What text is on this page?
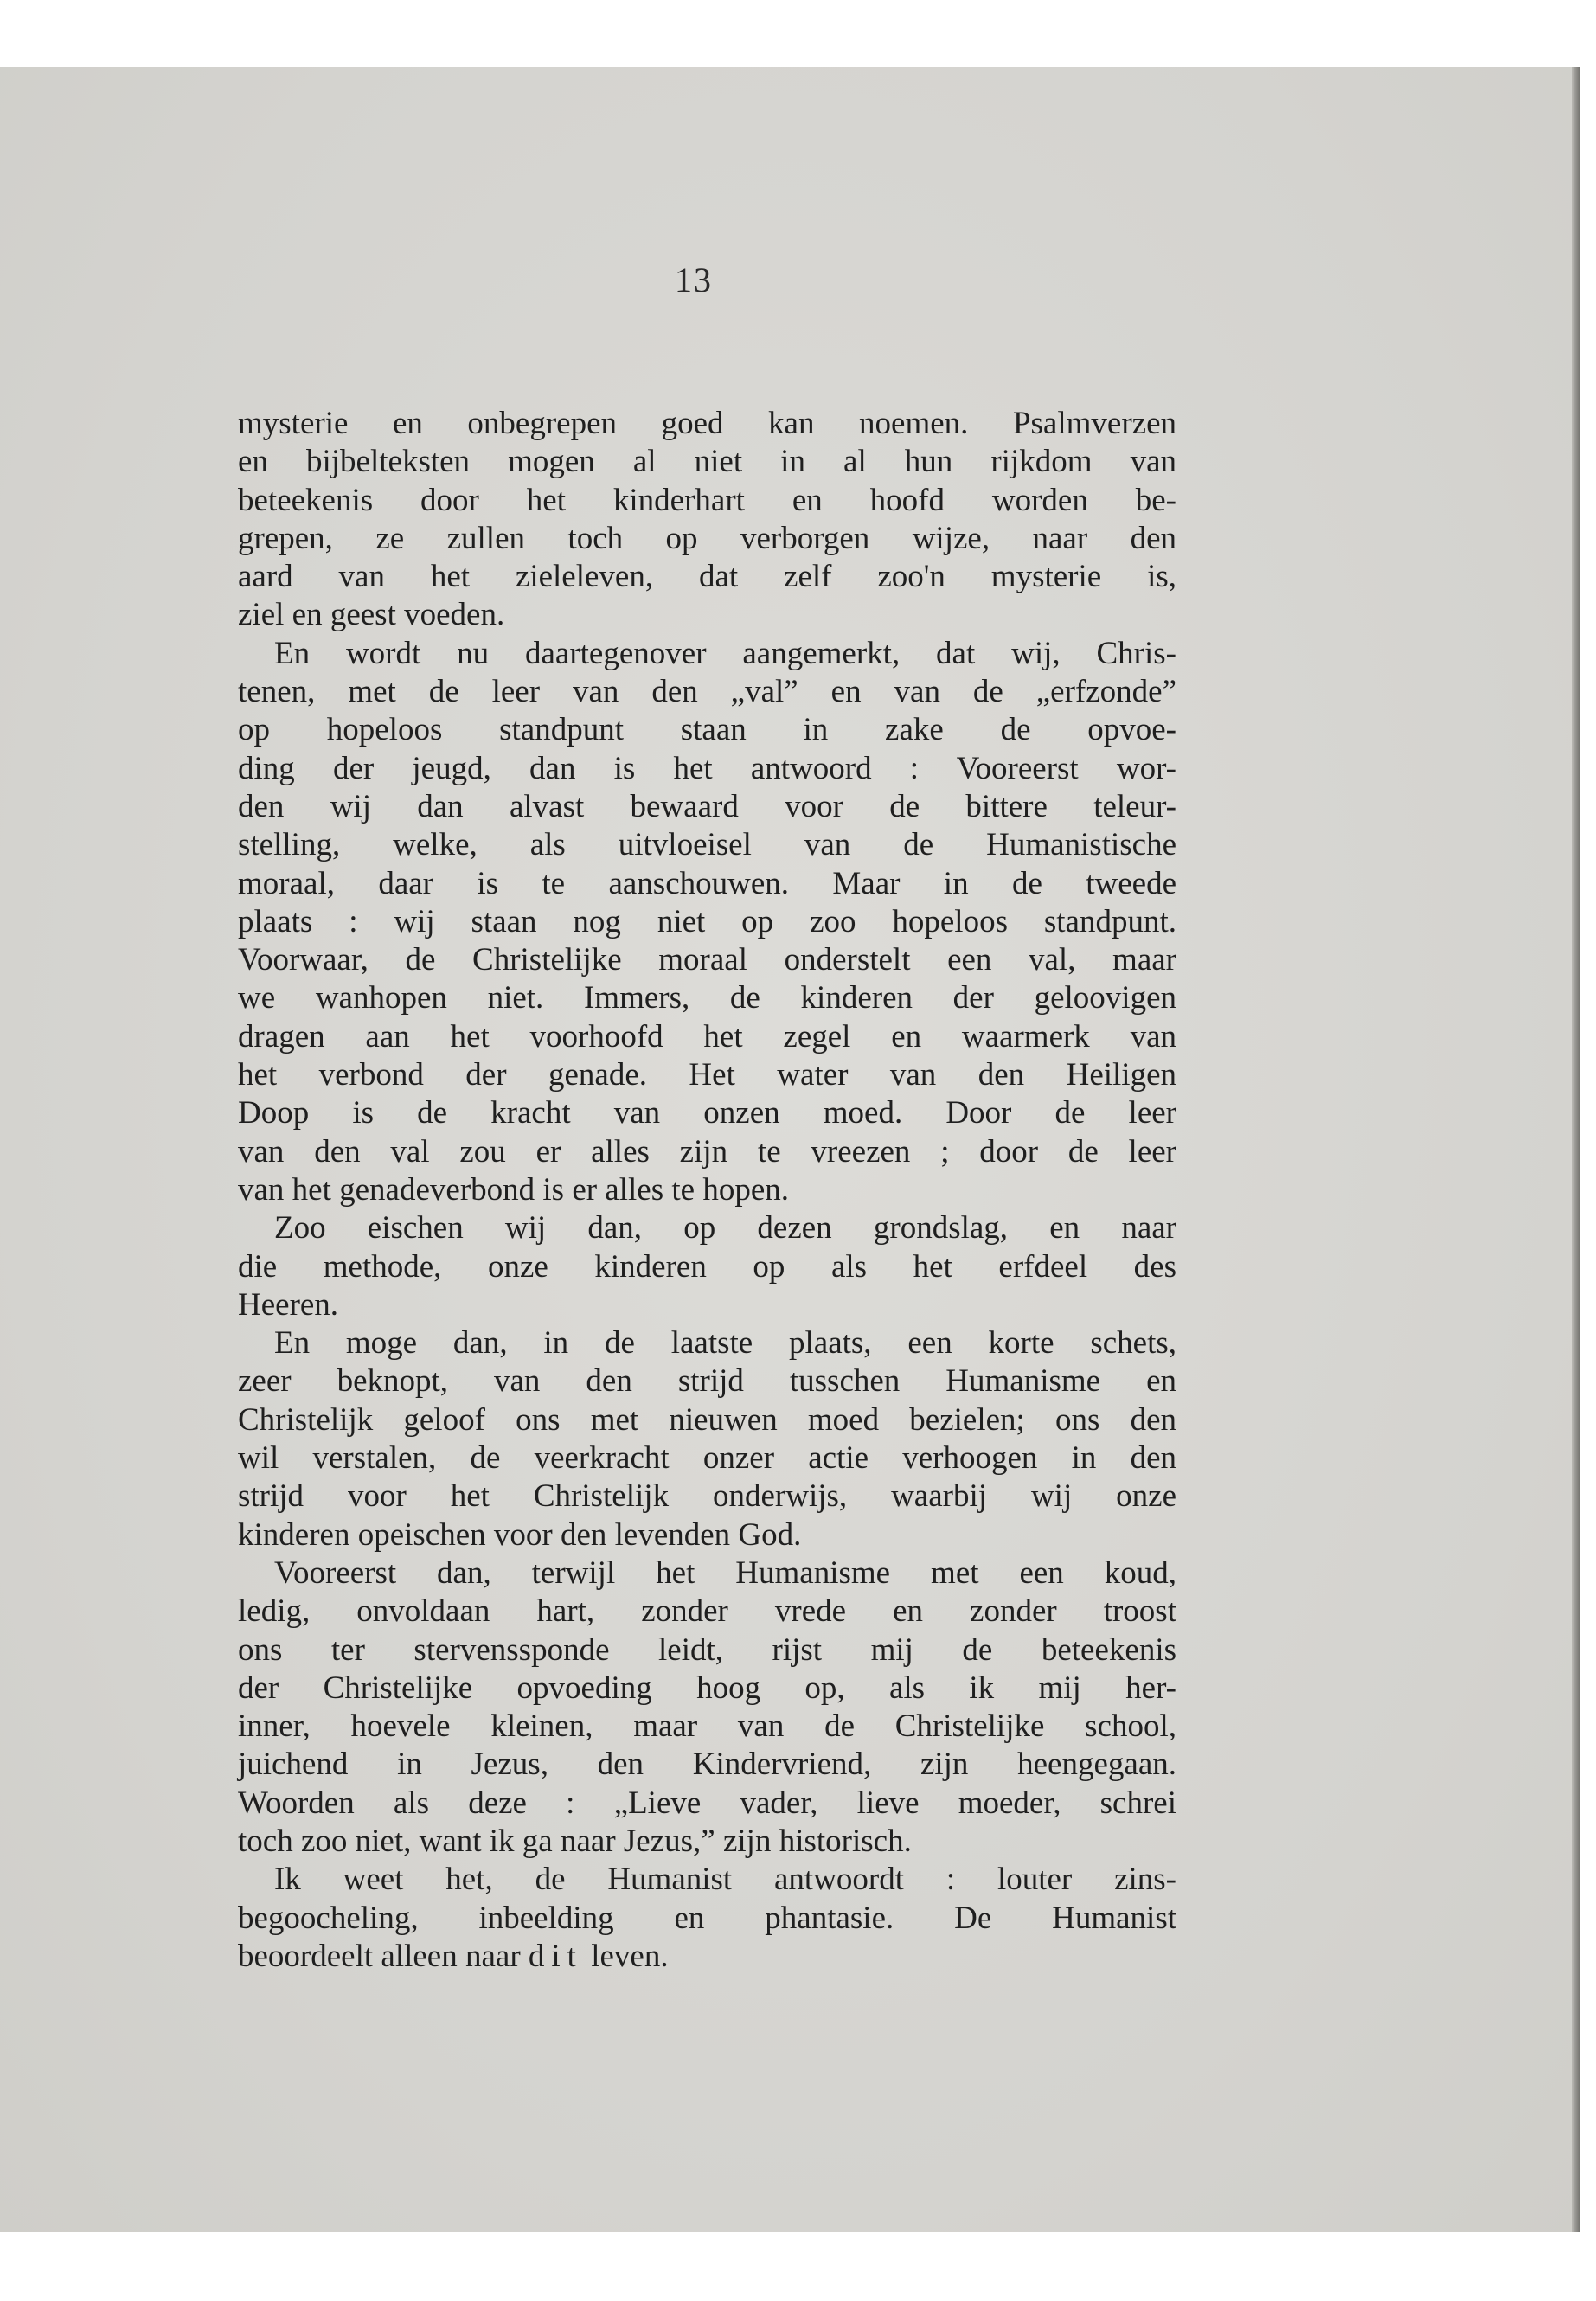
13
mysterie en onbegrepen goed kan noemen. Psalmverzen
en bijbelteksten mogen al niet in al hun rijkdom van
beteekenis door het kinderhart en hoofd worden be-
grepen, ze zullen toch op verborgen wijze, naar den
aard van het zieleleven, dat zelf zoo'n mysterie is,
ziel en geest voeden.
En wordt nu daartegenover aangemerkt, dat wij, Chris-
tenen, met de leer van den „val” en van de „erfzonde”
op hopeloos standpunt staan in zake de opvoe-
ding der jeugd, dan is het antwoord : Vooreerst wor-
den wij dan alvast bewaard voor de bittere teleur-
stelling, welke, als uitvloeisel van de Humanistische
moraal, daar is te aanschouwen. Maar in de tweede
plaats : wij staan nog niet op zoo hopeloos standpunt.
Voorwaar, de Christelijke moraal onderstelt een val, maar
we wanhopen niet. Immers, de kinderen der geloovigen
dragen aan het voorhoofd het zegel en waarmerk van
het verbond der genade. Het water van den Heiligen
Doop is de kracht van onzen moed. Door de leer
van den val zou er alles zijn te vreezen ; door de leer
van het genadeverbond is er alles te hopen.
Zoo eischen wij dan, op dezen grondslag, en naar
die methode, onze kinderen op als het erfdeel des
Heeren.
En moge dan, in de laatste plaats, een korte schets,
zeer beknopt, van den strijd tusschen Humanisme en
Christelijk geloof ons met nieuwen moed bezielen; ons den
wil verstalen, de veerkracht onzer actie verhoogen in den
strijd voor het Christelijk onderwijs, waarbij wij onze
kinderen opeischen voor den levenden God.
Vooreerst dan, terwijl het Humanisme met een koud,
ledig, onvoldaan hart, zonder vrede en zonder troost
ons ter stervenssponde leidt, rijst mij de beteekenis
der Christelijke opvoeding hoog op, als ik mij her-
inner, hoevele kleinen, maar van de Christelijke school,
juichend in Jezus, den Kindervriend, zijn heengegaan.
Woorden als deze : „Lieve vader, lieve moeder, schrei
toch zoo niet, want ik ga naar Jezus,” zijn historisch.
Ik weet het, de Humanist antwoordt : louter zins-
begoocheling, inbeelding en phantasie. De Humanist
beoordeelt alleen naar dit leven.
